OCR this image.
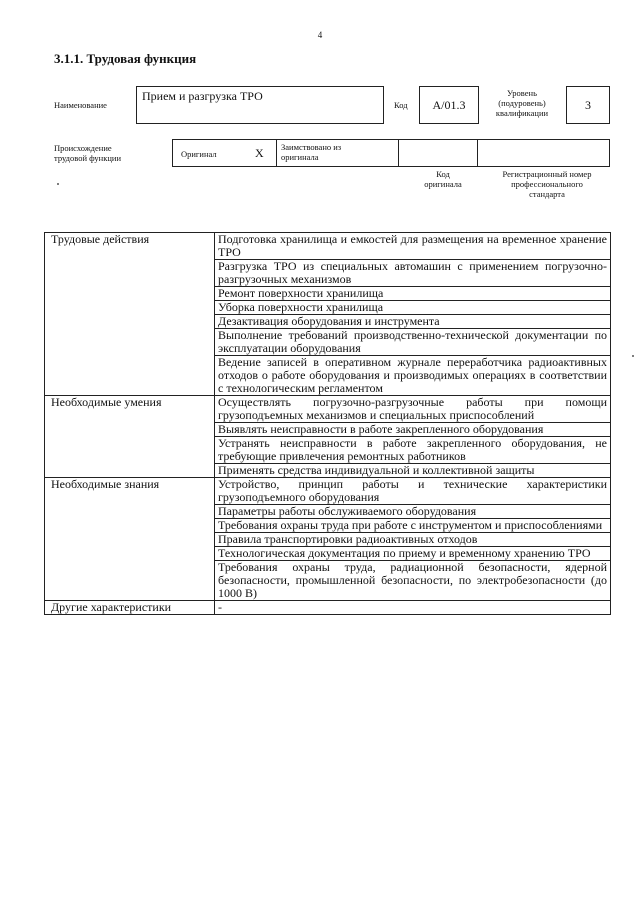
4
3.1.1. Трудовая функция
Наименование
Прием и разгрузка ТРО
Код	А/01.3
Уровень
(подуровень)
квалификации
3
Происхождение
трудовой функции	Оригинал	X Заимствовано из
оригинала
Код
оригинала
Регистрационный номер
профессионального
стандарта
Трудовые действия	Подготовка хранилища и емкостей для размещения на временное хранение ТРО
	Разгрузка ТРО из специальных автомашин с применением погрузочно-разгрузочных механизмов
	Ремонт поверхности хранилища
	Уборка поверхности хранилища
	Дезактивация оборудования и инструмента
	Выполнение требований производственно-технической документации по эксплуатации оборудования
	Ведение записей в оперативном журнале переработчика радиоактивных отходов о работе оборудования и производимых операциях в соответствии с технологическим регламентом
Необходимые умения	Осуществлять погрузочно-разгрузочные работы при помощи грузоподъемных механизмов и специальных приспособлений
	Выявлять неисправности в работе закрепленного оборудования
	Устранять неисправности в работе закрепленного оборудования, не требующие привлечения ремонтных работников
	Применять средства индивидуальной и коллективной защиты
Необходимые знания	Устройство, принцип работы и технические характеристики грузоподъемного оборудования
	Параметры работы обслуживаемого оборудования
	Требования охраны труда при работе с инструментом и приспособлениями
	Правила транспортировки радиоактивных отходов
	Технологическая документация по приему и временному хранению ТРО
	Требования охраны труда, радиационной безопасности, ядерной безопасности, промышленной безопасности, по электробезопасности (до 1000 В)
Другие характеристики	-
